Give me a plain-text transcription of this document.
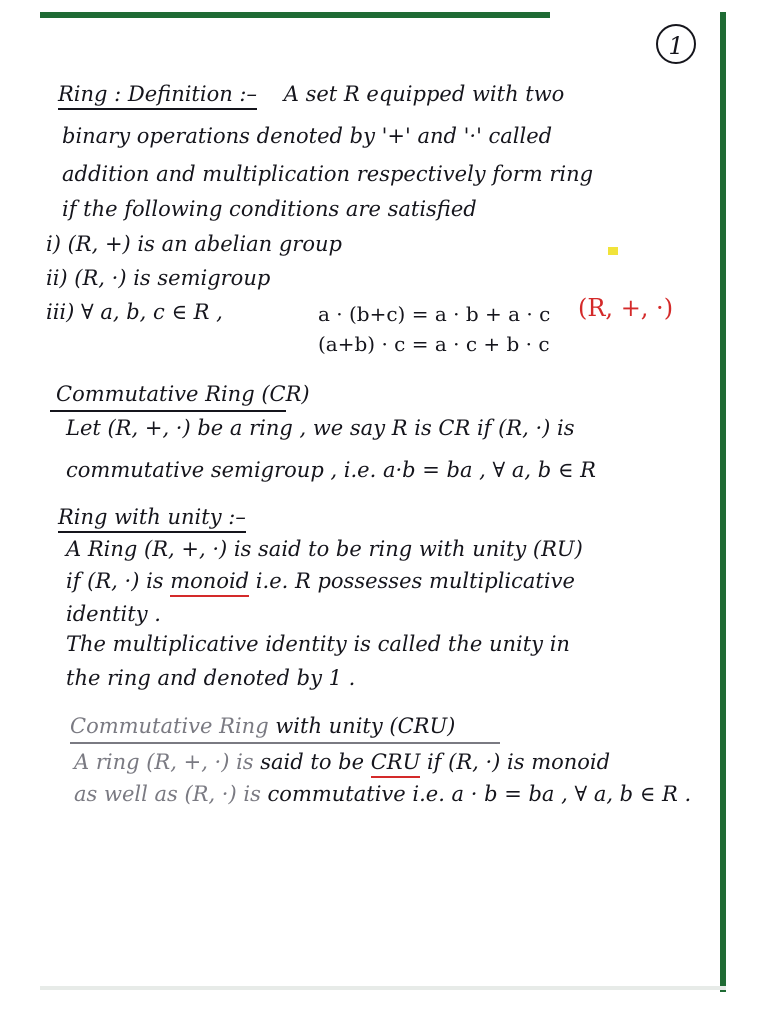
1
Ring : Definition :– A set R equipped with two
binary operations denoted by '+' and '·' called
addition and multiplication respectively form ring
if the following conditions are satisfied
i) (R, +) is an abelian group
ii) (R, ·) is semigroup
iii) ∀ a, b, c ∈ R ,	a · (b+c) = a · b + a · c (R, +, ·)
(a+b) · c = a · c + b · c
Commutative Ring (CR)
Let (R, +, ·) be a ring , we say R is CR if (R, ·) is
commutative semigroup , i.e. a·b = ba , ∀ a, b ∈ R
Ring with unity :–
A Ring (R, +, ·) is said to be ring with unity (RU)
if (R, ·) is monoid i.e. R possesses multiplicative
identity .
The multiplicative identity is called the unity in
the ring and denoted by 1 .
Commutative Ring with unity (CRU)
A ring (R, +, ·) is said to be CRU if (R, ·) is monoid
as well as (R, ·) is commutative i.e. a · b = ba , ∀ a, b ∈ R .
